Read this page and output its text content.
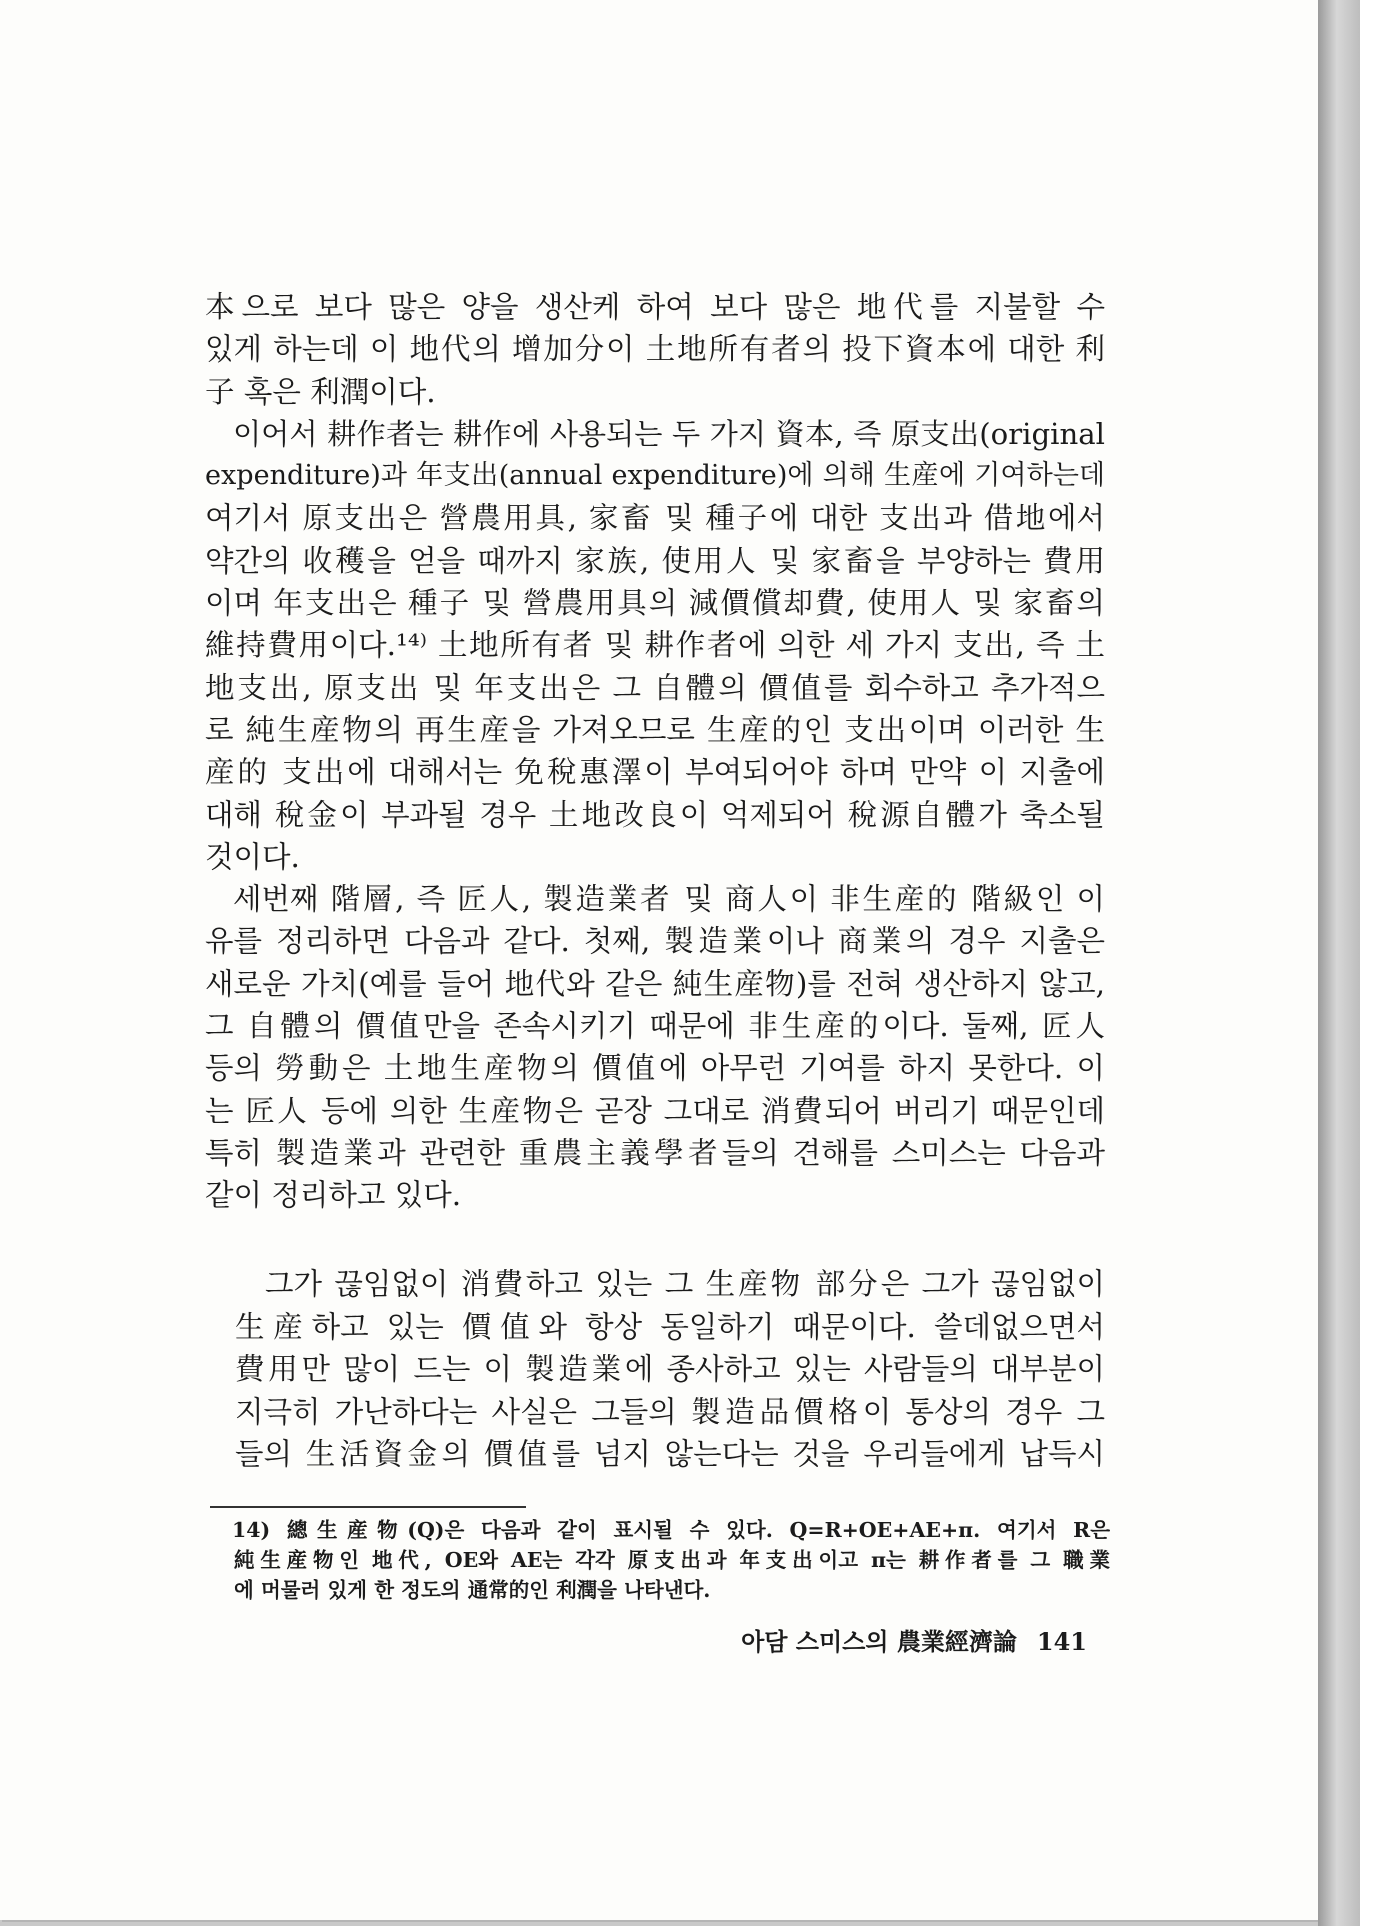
本으로 보다 많은 양을 생산케 하여 보다 많은 地代를 지불할 수
있게 하는데 이 地代의 增加分이 土地所有者의 投下資本에 대한 利
子 혹은 利潤이다.
이어서 耕作者는 耕作에 사용되는 두 가지 資本, 즉 原支出(original
expenditure)과 年支出(annual expenditure)에 의해 生産에 기여하는데
여기서 原支出은 營農用具, 家畜 및 種子에 대한 支出과 借地에서
약간의 收穫을 얻을 때까지 家族, 使用人 및 家畜을 부양하는 費用
이며 年支出은 種子 및 營農用具의 減價償却費, 使用人 및 家畜의
維持費用이다.¹⁴⁾ 土地所有者 및 耕作者에 의한 세 가지 支出, 즉 土
地支出, 原支出 및 年支出은 그 自體의 價值를 회수하고 추가적으
로 純生産物의 再生産을 가져오므로 生産的인 支出이며 이러한 生
産的 支出에 대해서는 免稅惠澤이 부여되어야 하며 만약 이 지출에
대해 稅金이 부과될 경우 土地改良이 억제되어 稅源自體가 축소될
것이다.
세번째 階層, 즉 匠人, 製造業者 및 商人이 非生産的 階級인 이
유를 정리하면 다음과 같다. 첫째, 製造業이나 商業의 경우 지출은
새로운 가치(예를 들어 地代와 같은 純生産物)를 전혀 생산하지 않고,
그 自體의 價值만을 존속시키기 때문에 非生産的이다. 둘째, 匠人
등의 勞動은 土地生産物의 價值에 아무런 기여를 하지 못한다. 이
는 匠人 등에 의한 生産物은 곧장 그대로 消費되어 버리기 때문인데
특히 製造業과 관련한 重農主義學者들의 견해를 스미스는 다음과
같이 정리하고 있다.
그가 끊임없이 消費하고 있는 그 生産物 部分은 그가 끊임없이
生産하고 있는 價值와 항상 동일하기 때문이다. 쓸데없으면서
費用만 많이 드는 이 製造業에 종사하고 있는 사람들의 대부분이
지극히 가난하다는 사실은 그들의 製造品價格이 통상의 경우 그
들의 生活資金의 價值를 넘지 않는다는 것을 우리들에게 납득시
14) 總生産物(Q)은 다음과 같이 표시될 수 있다. Q=R+OE+AE+π. 여기서 R은
純生産物인 地代, OE와 AE는 각각 原支出과 年支出이고 π는 耕作者를 그 職業
에 머물러 있게 한 정도의 通常的인 利潤을 나타낸다.
아담 스미스의 農業經濟論 141
